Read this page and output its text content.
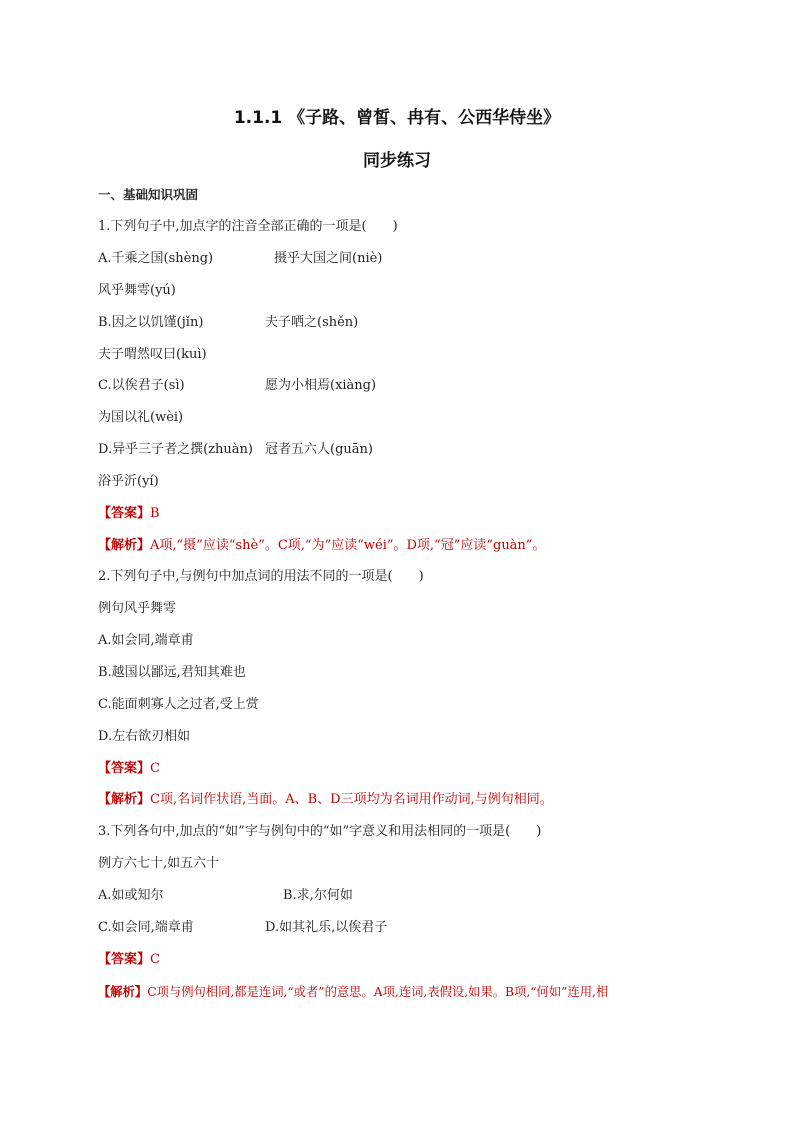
1.1.1 《子路、曾皙、冉有、公西华侍坐》
同步练习
一、基础知识巩固
1.下列句子中,加点字的注音全部正确的一项是(　　)
A.千乘之国(shèng)	摄乎大国之间(niè)
风乎舞雩(yú)
B.因之以饥馑(jǐn)	夫子哂之(shěn)
夫子喟然叹曰(kuì)
C.以俟君子(sì)	愿为小相焉(xiàng)
为国以礼(wèi)
D.异乎三子者之撰(zhuàn) 冠者五六人(guān)
浴乎沂(yí)
【答案】B
【解析】A项,“摄”应读“shè”。C项,“为”应读“wéi”。D项,“冠”应读“guàn”。
2.下列句子中,与例句中加点词的用法不同的一项是(　　)
例句风乎舞雩
A.如会同,端章甫
B.越国以鄙远,君知其难也
C.能面刺寡人之过者,受上赏
D.左右欲刃相如
【答案】C
【解析】C项,名词作状语,当面。A、B、D三项均为名词用作动词,与例句相同。
3.下列各句中,加点的“如”字与例句中的“如”字意义和用法相同的一项是(　　)
例方六七十,如五六十
A.如或知尔	B.求,尔何如
C.如会同,端章甫	D.如其礼乐,以俟君子
【答案】C
【解析】C项与例句相同,都是连词,“或者”的意思。A项,连词,表假设,如果。B项,“何如”连用,相
